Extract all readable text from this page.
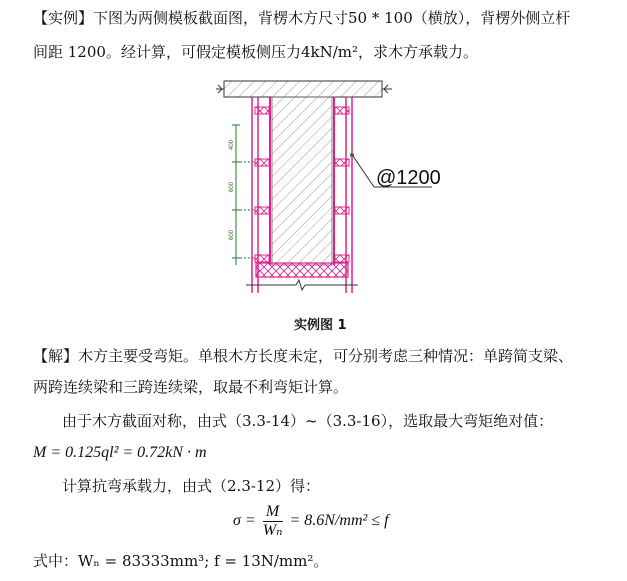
【实例】下图为两侧模板截面图，背楞木方尺寸50 * 100（横放），背楞外侧立杆
间距 1200。经计算，可假定模板侧压力4kN/m²，求木方承载力。
400
600
600
@1200
实例图 1
【解】木方主要受弯矩。单根木方长度未定，可分别考虑三种情况：单跨简支梁、
两跨连续梁和三跨连续梁，取最不利弯矩计算。
由于木方截面对称，由式（3.3-14）~（3.3-16），选取最大弯矩绝对值：
M = 0.125ql² = 0.72kN · m
计算抗弯承载力，由式（2.3-12）得：
$\sigma = \frac{M}{\text{Wₙ}} = 8.6N/mm^2 \le f$
式中：Wₙ = 83333mm³; f = 13N/mm²。
